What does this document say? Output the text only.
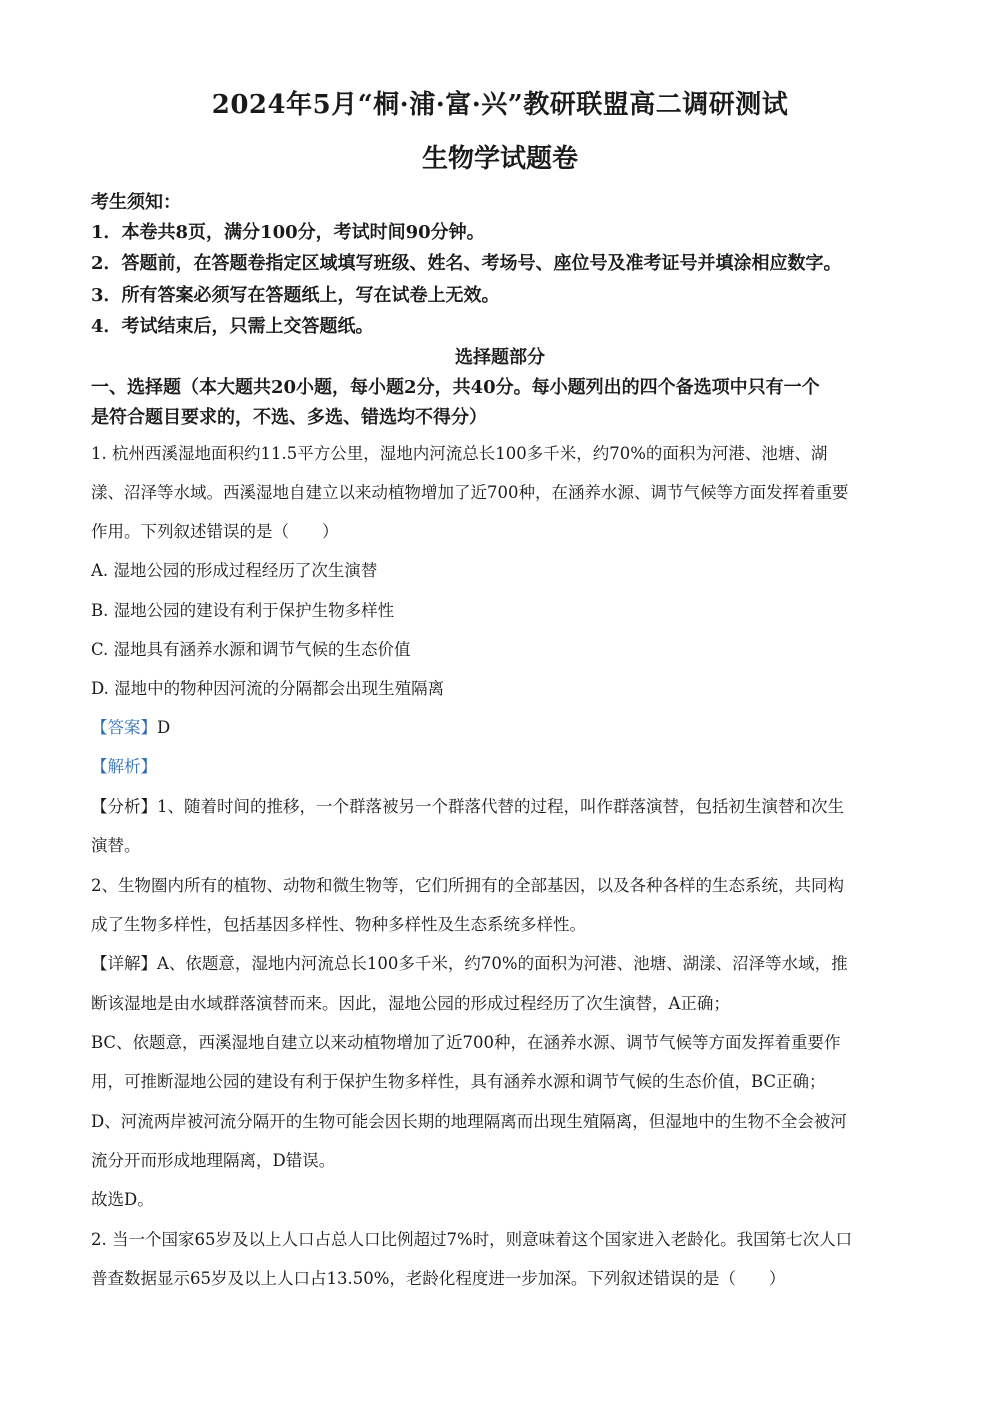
2024年5月“桐·浦·富·兴”教研联盟高二调研测试
生物学试题卷
考生须知：
1．本卷共8页，满分100分，考试时间90分钟。
2．答题前，在答题卷指定区域填写班级、姓名、考场号、座位号及准考证号并填涂相应数字。
3．所有答案必须写在答题纸上，写在试卷上无效。
4．考试结束后，只需上交答题纸。
选择题部分
一、选择题（本大题共20小题，每小题2分，共40分。每小题列出的四个备选项中只有一个
是符合题目要求的，不选、多选、错选均不得分）
1. 杭州西溪湿地面积约11.5平方公里，湿地内河流总长100多千米，约70%的面积为河港、池塘、湖
漾、沼泽等水域。西溪湿地自建立以来动植物增加了近700种，在涵养水源、调节气候等方面发挥着重要
作用。下列叙述错误的是（　　）
A. 湿地公园的形成过程经历了次生演替
B. 湿地公园的建设有利于保护生物多样性
C. 湿地具有涵养水源和调节气候的生态价值
D. 湿地中的物种因河流的分隔都会出现生殖隔离
【答案】D
【解析】
【分析】1、随着时间的推移，一个群落被另一个群落代替的过程，叫作群落演替，包括初生演替和次生
演替。
2、生物圈内所有的植物、动物和微生物等，它们所拥有的全部基因，以及各种各样的生态系统，共同构
成了生物多样性，包括基因多样性、物种多样性及生态系统多样性。
【详解】A、依题意，湿地内河流总长100多千米，约70%的面积为河港、池塘、湖漾、沼泽等水域，推
断该湿地是由水域群落演替而来。因此，湿地公园的形成过程经历了次生演替，A正确；
BC、依题意，西溪湿地自建立以来动植物增加了近700种，在涵养水源、调节气候等方面发挥着重要作
用，可推断湿地公园的建设有利于保护生物多样性，具有涵养水源和调节气候的生态价值，BC正确；
D、河流两岸被河流分隔开的生物可能会因长期的地理隔离而出现生殖隔离，但湿地中的生物不全会被河
流分开而形成地理隔离，D错误。
故选D。
2. 当一个国家65岁及以上人口占总人口比例超过7%时，则意味着这个国家进入老龄化。我国第七次人口
普查数据显示65岁及以上人口占13.50%，老龄化程度进一步加深。下列叙述错误的是（　　）
